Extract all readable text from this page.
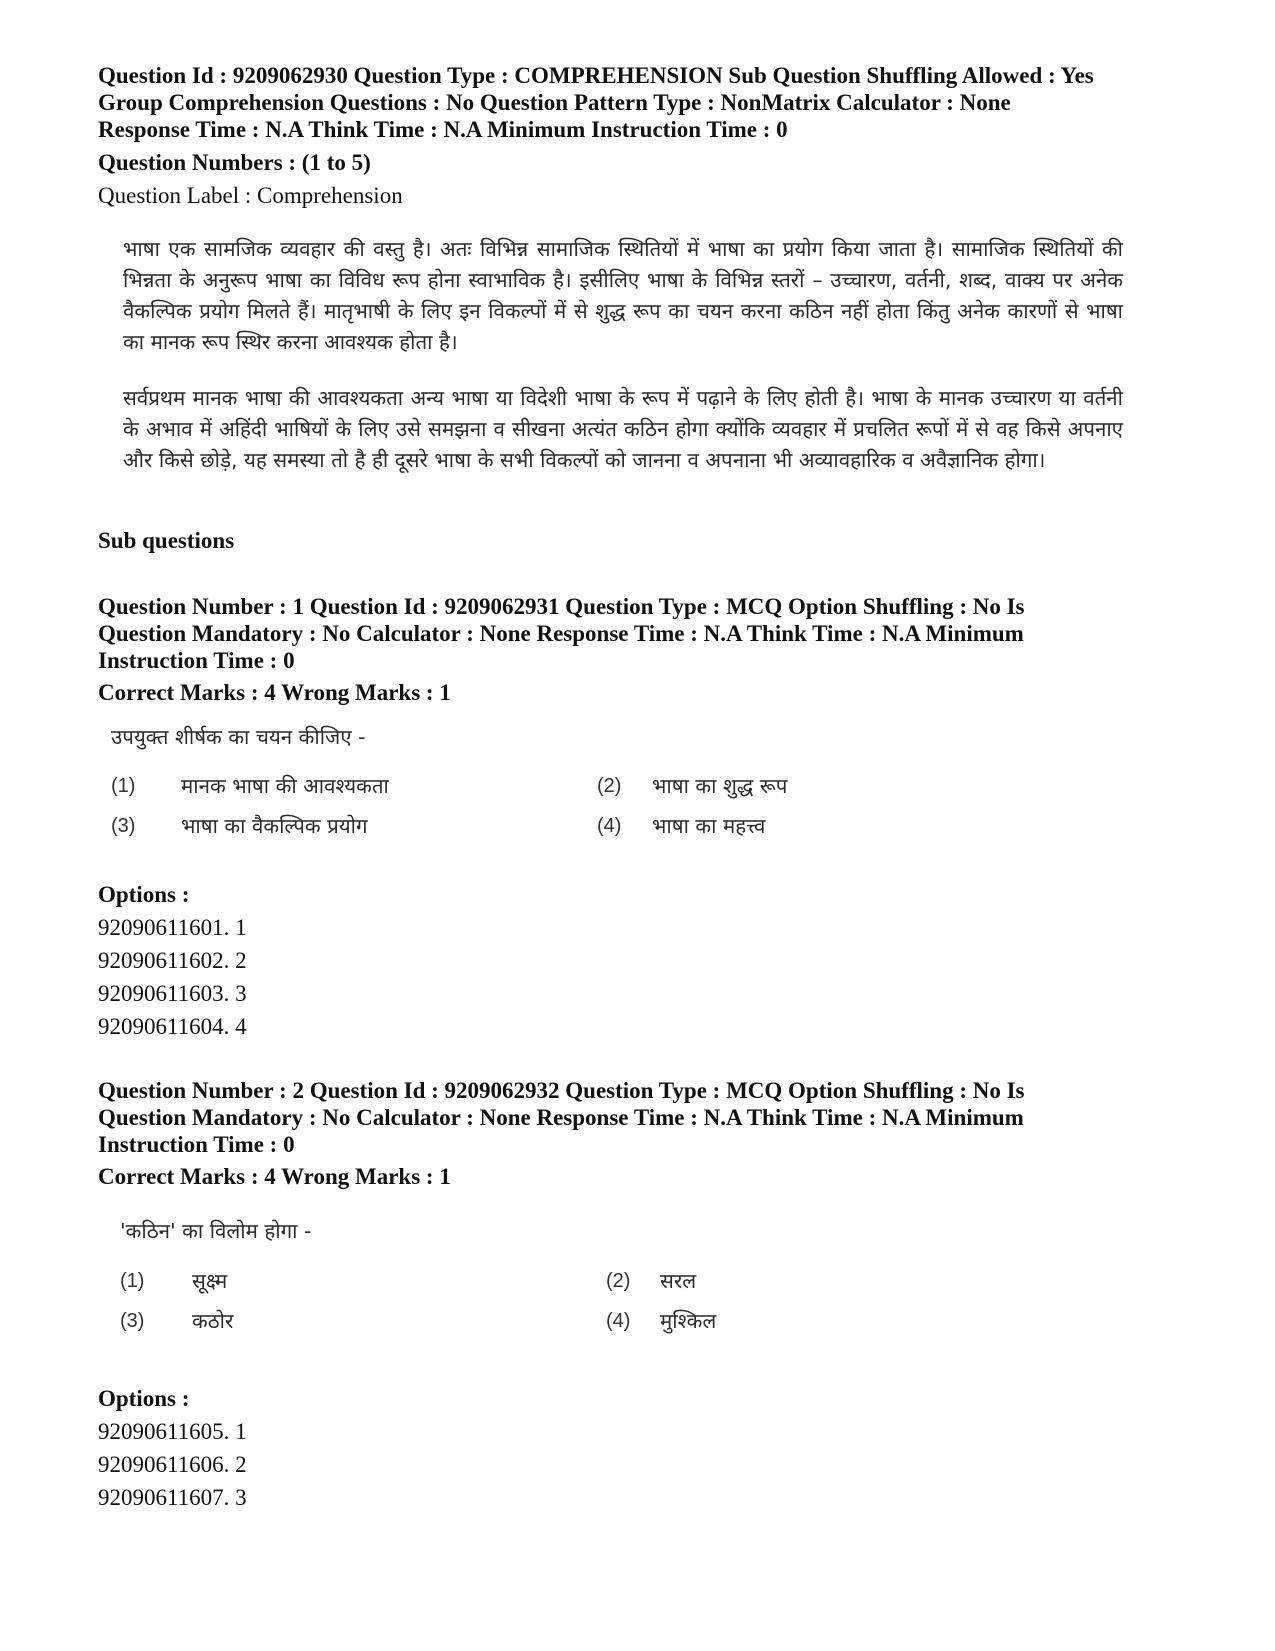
Question Id : 9209062930 Question Type : COMPREHENSION Sub Question Shuffling Allowed : Yes
Group Comprehension Questions : No Question Pattern Type : NonMatrix Calculator : None
Response Time : N.A Think Time : N.A Minimum Instruction Time : 0
Question Numbers : (1 to 5)
Question Label : Comprehension
भाषा एक सामजिक व्यवहार की वस्तु है। अतः विभिन्न सामाजिक स्थितियों में भाषा का प्रयोग किया जाता है। सामाजिक स्थितियों की भिन्नता के अनुरूप भाषा का विविध रूप होना स्वाभाविक है। इसीलिए भाषा के विभिन्न स्तरों – उच्चारण, वर्तनी, शब्द, वाक्य पर अनेक वैकल्पिक प्रयोग मिलते हैं। मातृभाषी के लिए इन विकल्पों में से शुद्ध रूप का चयन करना कठिन नहीं होता किंतु अनेक कारणों से भाषा का मानक रूप स्थिर करना आवश्यक होता है।
सर्वप्रथम मानक भाषा की आवश्यकता अन्य भाषा या विदेशी भाषा के रूप में पढ़ाने के लिए होती है। भाषा के मानक उच्चारण या वर्तनी के अभाव में अहिंदी भाषियों के लिए उसे समझना व सीखना अत्यंत कठिन होगा क्योंकि व्यवहार में प्रचलित रूपों में से वह किसे अपनाए और किसे छोड़े, यह समस्या तो है ही दूसरे भाषा के सभी विकल्पों को जानना व अपनाना भी अव्यावहारिक व अवैज्ञानिक होगा।
Sub questions
Question Number : 1 Question Id : 9209062931 Question Type : MCQ Option Shuffling : No Is
Question Mandatory : No Calculator : None Response Time : N.A Think Time : N.A Minimum
Instruction Time : 0
Correct Marks : 4 Wrong Marks : 1
उपयुक्त शीर्षक का चयन कीजिए -
(1) मानक भाषा की आवश्यकता	(2) भाषा का शुद्ध रूप
(3) भाषा का वैकल्पिक प्रयोग	(4) भाषा का महत्त्व
Options :
92090611601. 1
92090611602. 2
92090611603. 3
92090611604. 4
Question Number : 2 Question Id : 9209062932 Question Type : MCQ Option Shuffling : No Is
Question Mandatory : No Calculator : None Response Time : N.A Think Time : N.A Minimum
Instruction Time : 0
Correct Marks : 4 Wrong Marks : 1
'कठिन' का विलोम होगा -
(1) सूक्ष्म	(2) सरल
(3) कठोर	(4) मुश्किल
Options :
92090611605. 1
92090611606. 2
92090611607. 3
